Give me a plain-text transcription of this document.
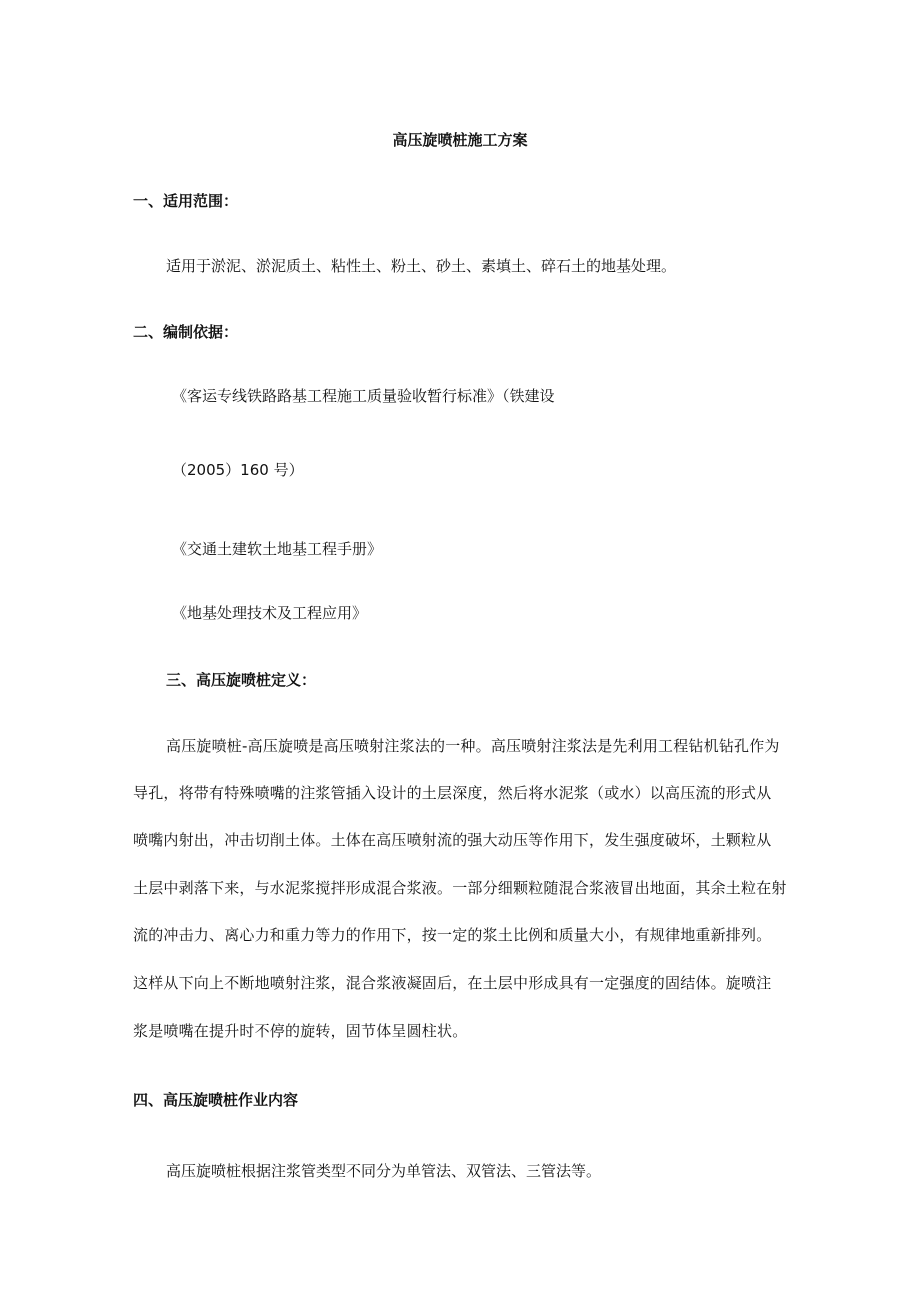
高压旋喷桩施工方案
一、适用范围：
适用于淤泥、淤泥质土、粘性土、粉土、砂土、素填土、碎石土的地基处理。
二、编制依据：
《客运专线铁路路基工程施工质量验收暂行标准》（铁建设
（2005）160 号）
《交通土建软土地基工程手册》
《地基处理技术及工程应用》
三、高压旋喷桩定义：
高压旋喷桩-高压旋喷是高压喷射注浆法的一种。高压喷射注浆法是先利用工程钻机钻孔作为
导孔，将带有特殊喷嘴的注浆管插入设计的土层深度，然后将水泥浆（或水）以高压流的形式从
喷嘴内射出，冲击切削土体。土体在高压喷射流的强大动压等作用下，发生强度破坏，土颗粒从
土层中剥落下来，与水泥浆搅拌形成混合浆液。一部分细颗粒随混合浆液冒出地面，其余土粒在射
流的冲击力、离心力和重力等力的作用下，按一定的浆土比例和质量大小，有规律地重新排列。
这样从下向上不断地喷射注浆，混合浆液凝固后，在土层中形成具有一定强度的固结体。旋喷注
浆是喷嘴在提升时不停的旋转，固节体呈圆柱状。
四、高压旋喷桩作业内容
高压旋喷桩根据注浆管类型不同分为单管法、双管法、三管法等。
